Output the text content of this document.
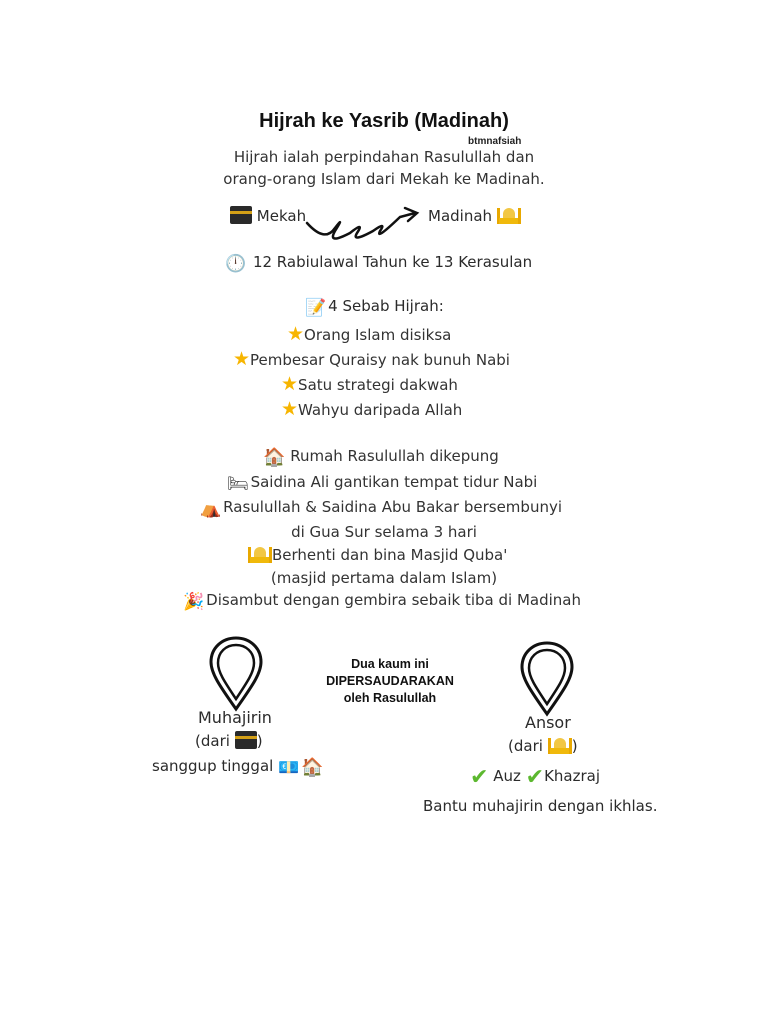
Hijrah ke Yasrib (Madinah)
btmnafsiah
Hijrah ialah perpindahan Rasulullah dan
orang-orang Islam dari Mekah ke Madinah.
Mekah	Madinah
🕛 12 Rabiulawal Tahun ke 13 Kerasulan
📝 4 Sebab Hijrah:
★Orang Islam disiksa
★Pembesar Quraisy nak bunuh Nabi
★Satu strategi dakwah
★Wahyu daripada Allah
🏠 Rumah Rasulullah dikepung
🛏 Saidina Ali gantikan tempat tidur Nabi
⛺ Rasulullah & Saidina Abu Bakar bersembunyi
di Gua Sur selama 3 hari
Berhenti dan bina Masjid Quba'
(masjid pertama dalam Islam)
🎉 Disambut dengan gembira sebaik tiba di Madinah
Dua kaum ini
DIPERSAUDARAKAN
oleh Rasulullah
Muhajirin
(dari )
sanggup tinggal 💶 🏠
Ansor
(dari )
✔ Auz ✔Khazraj
Bantu muhajirin dengan ikhlas.
